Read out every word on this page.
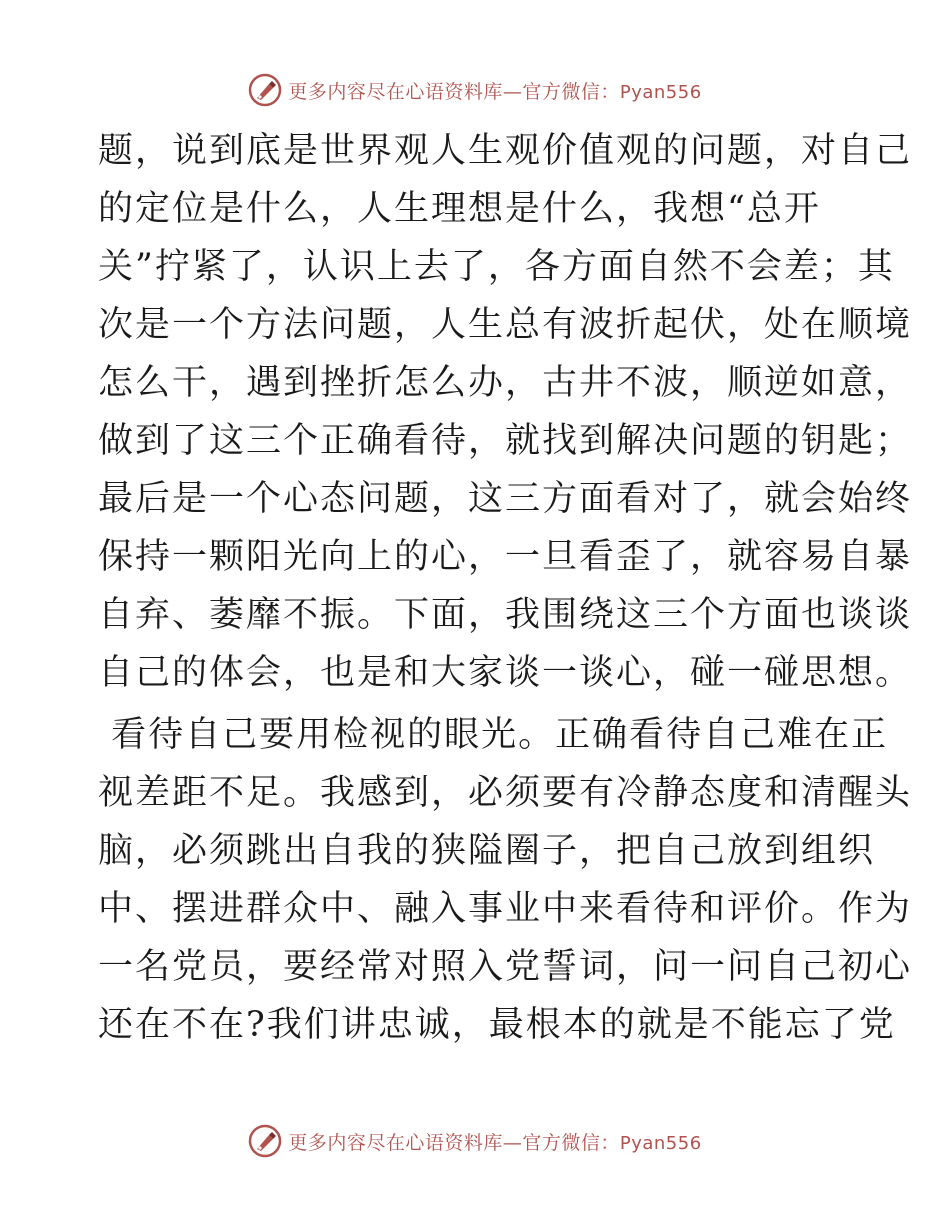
更多内容尽在心语资料库—官方微信：Pyan556
题，说到底是世界观人生观价值观的问题，对自己
的定位是什么，人生理想是什么，我想“总开
关”拧紧了，认识上去了，各方面自然不会差；其
次是一个方法问题，人生总有波折起伏，处在顺境
怎么干，遇到挫折怎么办，古井不波，顺逆如意，
做到了这三个正确看待，就找到解决问题的钥匙；
最后是一个心态问题，这三方面看对了，就会始终
保持一颗阳光向上的心，一旦看歪了，就容易自暴
自弃、萎靡不振。下面，我围绕这三个方面也谈谈
自己的体会，也是和大家谈一谈心，碰一碰思想。
看待自己要用检视的眼光。正确看待自己难在正
视差距不足。我感到，必须要有冷静态度和清醒头
脑，必须跳出自我的狭隘圈子，把自己放到组织
中、摆进群众中、融入事业中来看待和评价。作为
一名党员，要经常对照入党誓词，问一问自己初心
还在不在?我们讲忠诚，最根本的就是不能忘了党
更多内容尽在心语资料库—官方微信：Pyan556
